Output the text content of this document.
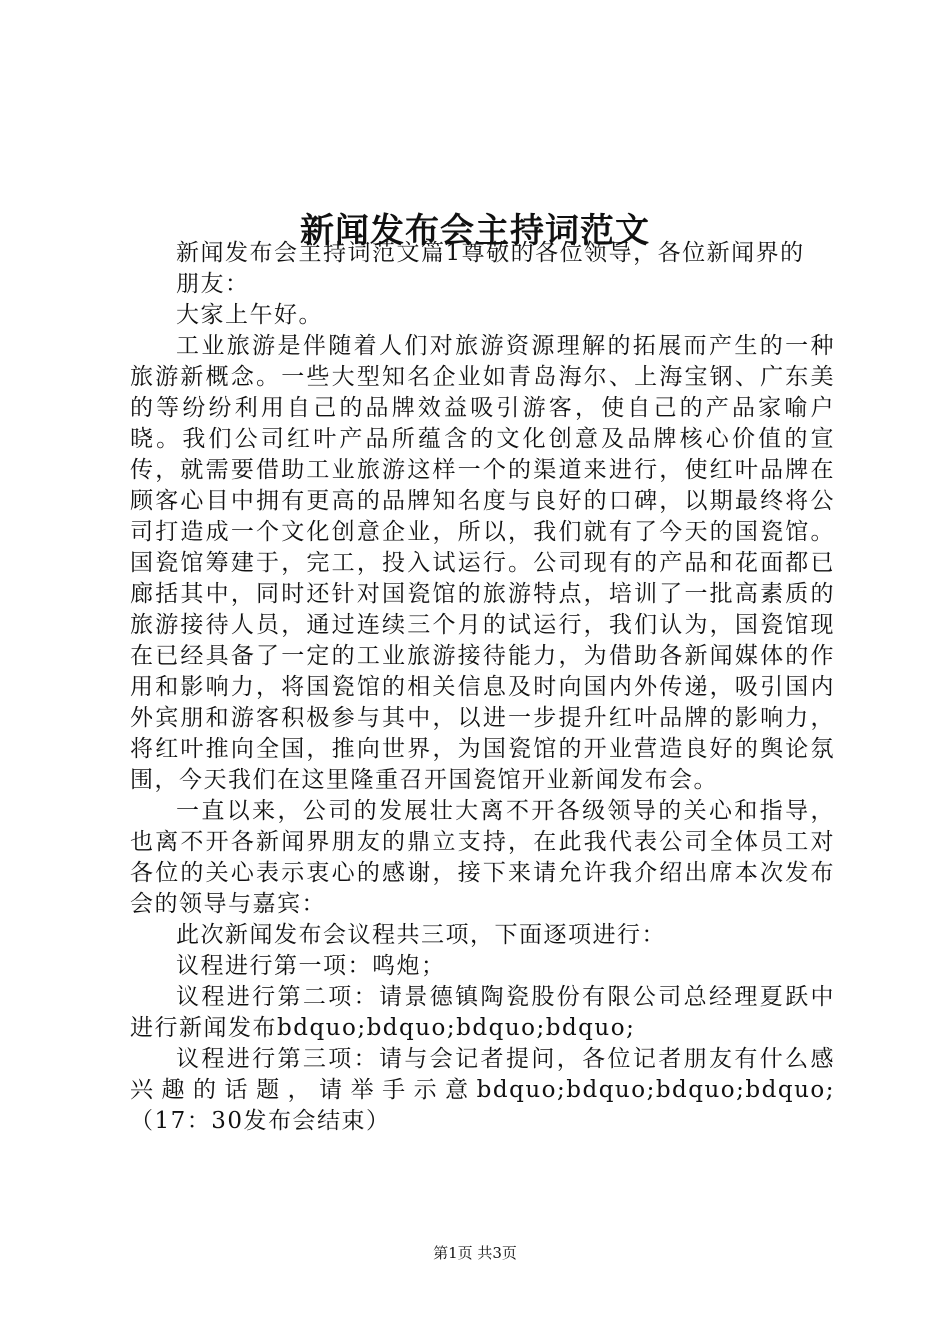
新闻发布会主持词范文

新闻发布会主持词范文篇1尊敬的各位领导，各位新闻界的

朋友：

大家上午好。

工业旅游是伴随着人们对旅游资源理解的拓展而产生的一种旅游新概念。一些大型知名企业如青岛海尔、上海宝钢、广东美的等纷纷利用自己的品牌效益吸引游客，使自己的产品家喻户晓。我们公司红叶产品所蕴含的文化创意及品牌核心价值的宣传，就需要借助工业旅游这样一个的渠道来进行，使红叶品牌在顾客心目中拥有更高的品牌知名度与良好的口碑，以期最终将公司打造成一个文化创意企业，所以，我们就有了今天的国瓷馆。国瓷馆筹建于，完工，投入试运行。公司现有的产品和花面都已廊括其中，同时还针对国瓷馆的旅游特点，培训了一批高素质的旅游接待人员，通过连续三个月的试运行，我们认为，国瓷馆现在已经具备了一定的工业旅游接待能力，为借助各新闻媒体的作用和影响力，将国瓷馆的相关信息及时向国内外传递，吸引国内外宾朋和游客积极参与其中，以进一步提升红叶品牌的影响力，将红叶推向全国，推向世界，为国瓷馆的开业营造良好的舆论氛围，今天我们在这里隆重召开国瓷馆开业新闻发布会。

一直以来，公司的发展壮大离不开各级领导的关心和指导，也离不开各新闻界朋友的鼎立支持，在此我代表公司全体员工对各位的关心表示衷心的感谢，接下来请允许我介绍出席本次发布会的领导与嘉宾：

此次新闻发布会议程共三项，下面逐项进行：

议程进行第一项：鸣炮；

议程进行第二项：请景德镇陶瓷股份有限公司总经理夏跃中进行新闻发布bdquo;bdquo;bdquo;bdquo;

议程进行第三项：请与会记者提问，各位记者朋友有什么感兴趣的话题，请举手示意bdquo;bdquo;bdquo;bdquo;（17：30发布会结束）

第1页 共3页
